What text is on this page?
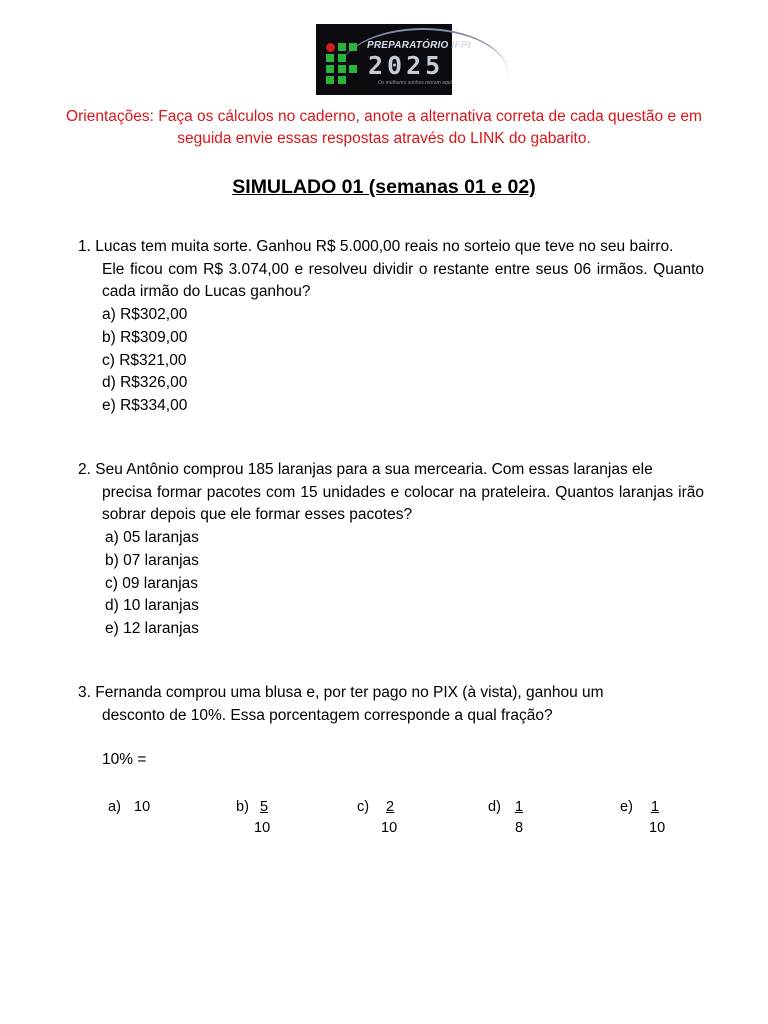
PREPARATÓRIO IFPI
2025
Os melhores sonhos moram aqui
Orientações: Faça os cálculos no caderno, anote a alternativa correta de cada questão e em seguida envie essas respostas através do LINK do gabarito.
SIMULADO 01 (semanas 01 e 02)
1. Lucas tem muita sorte. Ganhou R$ 5.000,00 reais no sorteio que teve no seu bairro.
Ele ficou com R$ 3.074,00 e resolveu dividir o restante entre seus 06 irmãos. Quanto cada irmão do Lucas ganhou?
a) R$302,00
b) R$309,00
c) R$321,00
d) R$326,00
e) R$334,00
2. Seu Antônio comprou 185 laranjas para a sua mercearia. Com essas laranjas ele
precisa formar pacotes com 15 unidades e colocar na prateleira. Quantos laranjas irão sobrar depois que ele formar esses pacotes?
a) 05 laranjas
b) 07 laranjas
c) 09 laranjas
d) 10 laranjas
e) 12 laranjas
3. Fernanda comprou uma blusa e, por ter pago no PIX (à vista), ganhou um
desconto de 10%. Essa porcentagem corresponde a qual fração?
10% =
a) 10	b) 5
10
c) 2
10
d) 1
8
e) 1
10
